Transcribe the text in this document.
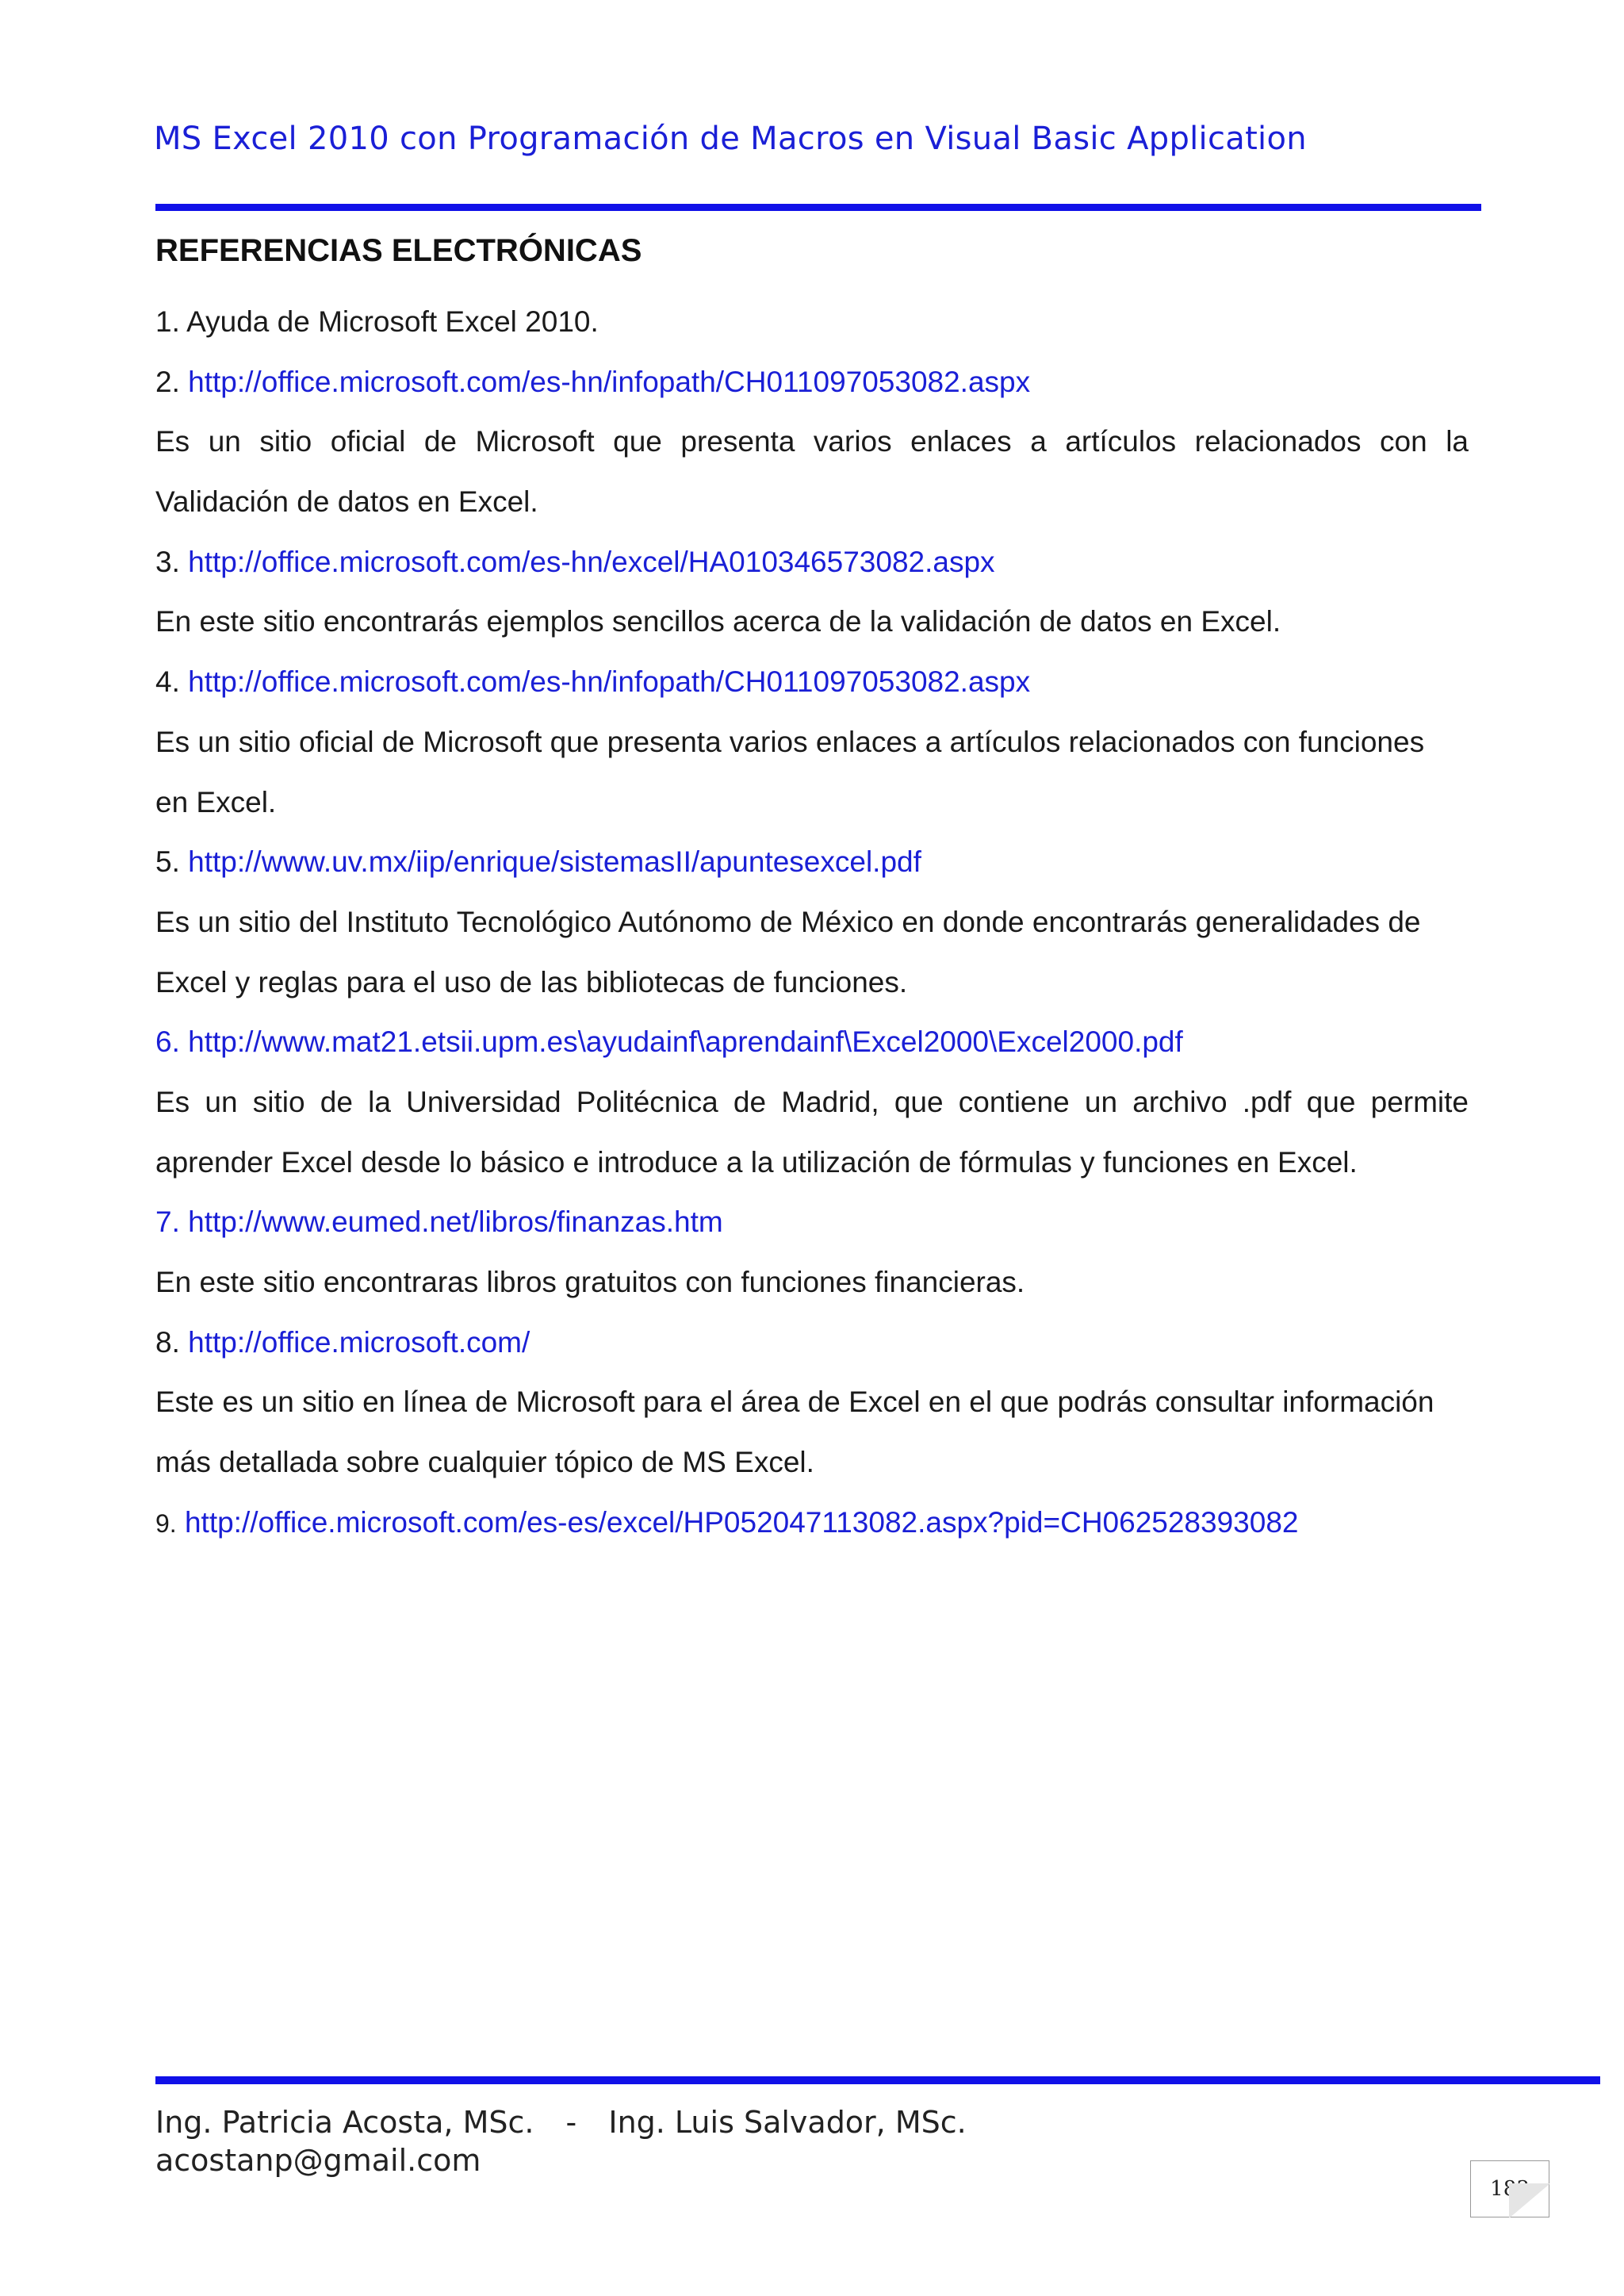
MS Excel 2010 con Programación de Macros en Visual Basic Application
REFERENCIAS ELECTRÓNICAS
1. Ayuda de Microsoft Excel 2010.
2. http://office.microsoft.com/es-hn/infopath/CH011097053082.aspx
Es un sitio oficial de Microsoft que presenta varios enlaces a artículos relacionados con la
Validación de datos en Excel.
3. http://office.microsoft.com/es-hn/excel/HA010346573082.aspx
En este sitio encontrarás ejemplos sencillos acerca de la validación de datos en Excel.
4. http://office.microsoft.com/es-hn/infopath/CH011097053082.aspx
Es un sitio oficial de Microsoft que presenta varios enlaces a artículos relacionados con funciones
en Excel.
5. http://www.uv.mx/iip/enrique/sistemasII/apuntesexcel.pdf
Es un sitio del Instituto Tecnológico Autónomo de México en donde encontrarás generalidades de
Excel y reglas para el uso de las bibliotecas de funciones.
6. http://www.mat21.etsii.upm.es\ayudainf\aprendainf\Excel2000\Excel2000.pdf
Es un sitio de la Universidad Politécnica de Madrid, que contiene un archivo .pdf que permite
aprender Excel desde lo básico e introduce a la utilización de fórmulas y funciones en Excel.
7. http://www.eumed.net/libros/finanzas.htm
En este sitio encontraras libros gratuitos con funciones financieras.
8. http://office.microsoft.com/
Este es un sitio en línea de Microsoft para el área de Excel en el que podrás consultar información
más detallada sobre cualquier tópico de MS Excel.
9. http://office.microsoft.com/es-es/excel/HP052047113082.aspx?pid=CH062528393082
Ing. Patricia Acosta, MSc. - Ing. Luis Salvador, MSc.
acostanp@gmail.com
183
